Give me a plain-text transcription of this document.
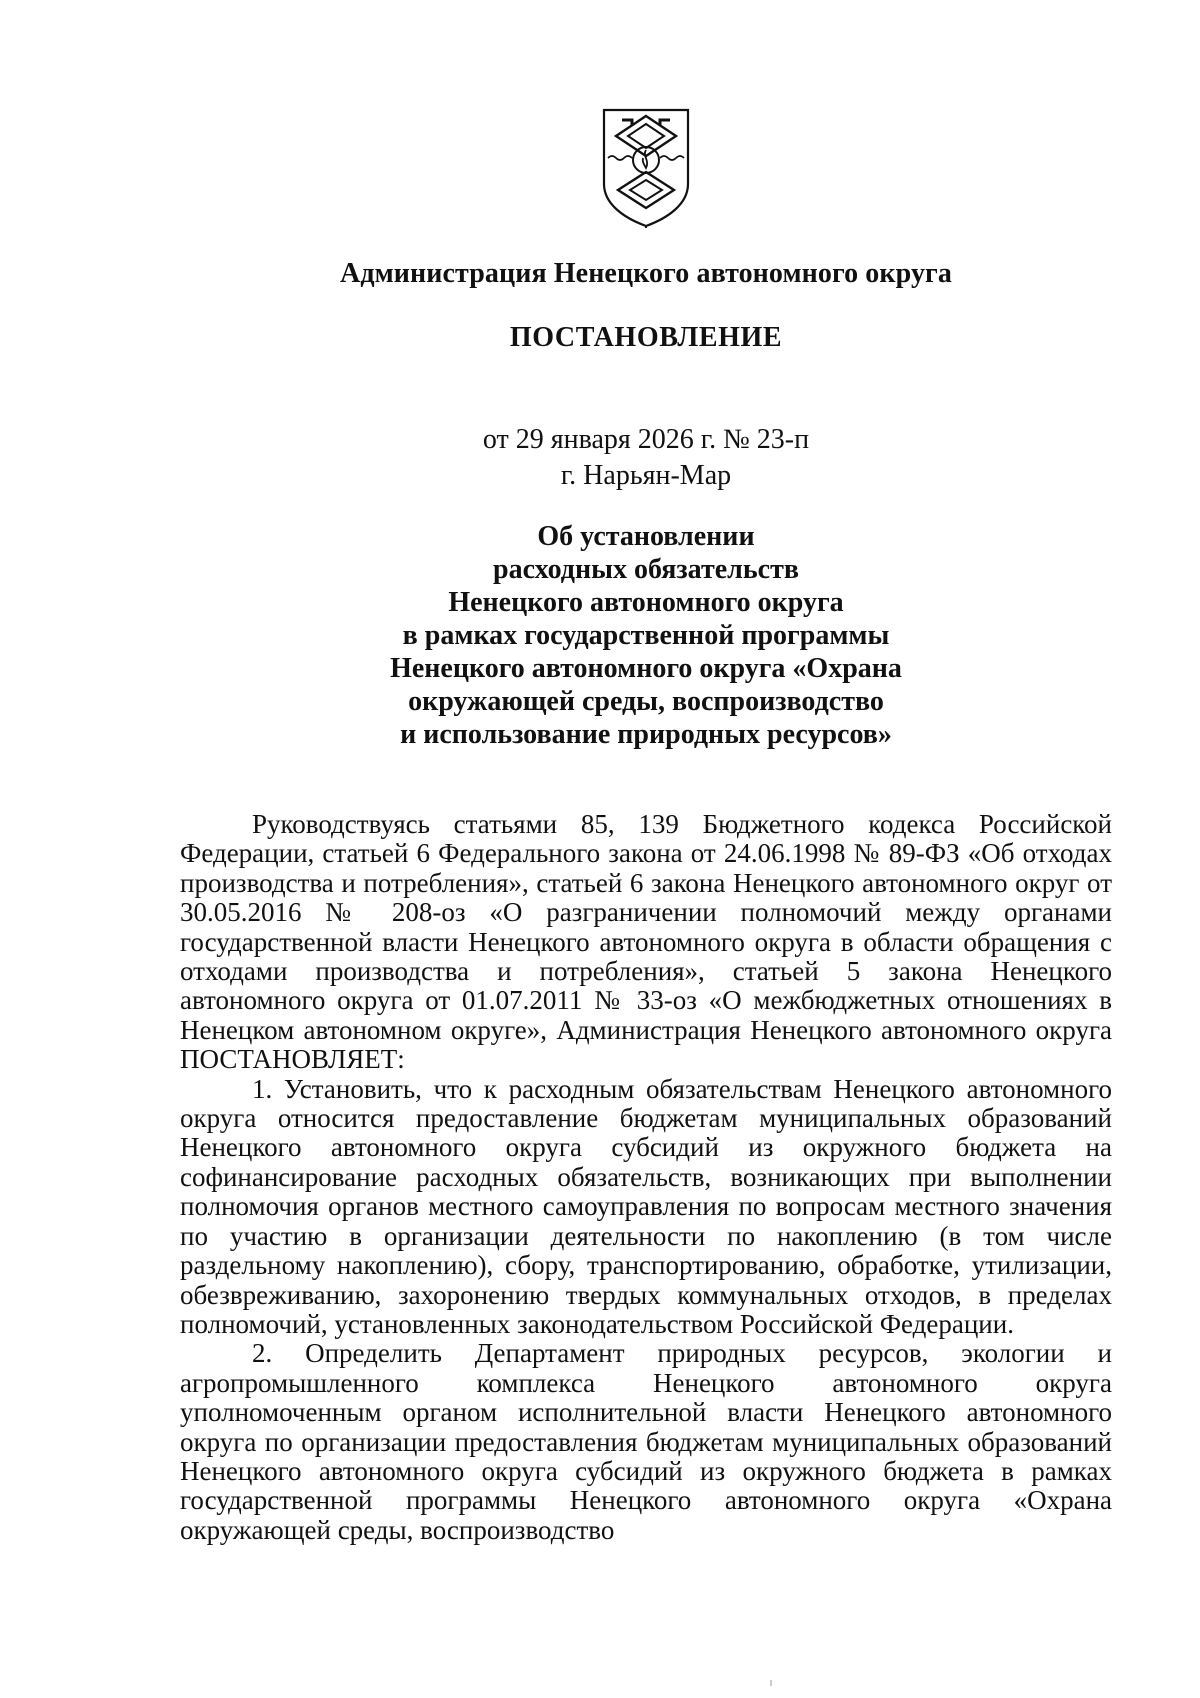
Администрация Ненецкого автономного округа
ПОСТАНОВЛЕНИЕ
от 29 января 2026 г. № 23-п
г. Нарьян-Мар
Об установлении
расходных обязательств
Ненецкого автономного округа
в рамках государственной программы
Ненецкого автономного округа «Охрана
окружающей среды, воспроизводство
и использование природных ресурсов»

Руководствуясь статьями 85, 139 Бюджетного кодекса Российской Федерации, статьей 6 Федерального закона от 24.06.1998 № 89-ФЗ «Об отходах производства и потребления», статьей 6 закона Ненецкого автономного округ от 30.05.2016 № 208-оз «О разграничении полномочий между органами государственной власти Ненецкого автономного округа в области обращения с отходами производства и потребления», статьей 5 закона Ненецкого автономного округа от 01.07.2011 № 33-оз «О межбюджетных отношениях в Ненецком автономном округе», Администрация Ненецкого автономного округа ПОСТАНОВЛЯЕТ:

1. Установить, что к расходным обязательствам Ненецкого автономного округа относится предоставление бюджетам муниципальных образований Ненецкого автономного округа субсидий из окружного бюджета на софинансирование расходных обязательств, возникающих при выполнении полномочия органов местного самоуправления по вопросам местного значения по участию в организации деятельности по накоплению (в том числе раздельному накоплению), сбору, транспортированию, обработке, утилизации, обезвреживанию, захоронению твердых коммунальных отходов, в пределах полномочий, установленных законодательством Российской Федерации.

2. Определить Департамент природных ресурсов, экологии и агропромышленного комплекса Ненецкого автономного округа уполномоченным органом исполнительной власти Ненецкого автономного округа по организации предоставления бюджетам муниципальных образований Ненецкого автономного округа субсидий из окружного бюджета в рамках государственной программы Ненецкого автономного округа «Охрана окружающей среды, воспроизводство
